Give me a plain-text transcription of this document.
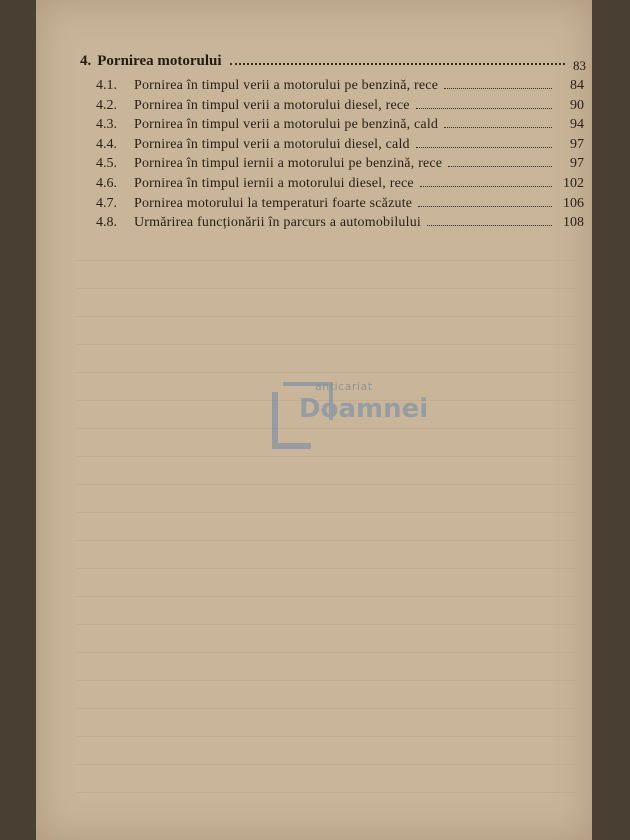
4. Pornirea motorului	83
4.1.	Pornirea în timpul verii a motorului pe benzină, rece	84
4.2.	Pornirea în timpul verii a motorului diesel, rece	90
4.3.	Pornirea în timpul verii a motorului pe benzină, cald	94
4.4.	Pornirea în timpul verii a motorului diesel, cald	97
4.5.	Pornirea în timpul iernii a motorului pe benzină, rece	97
4.6.	Pornirea în timpul iernii a motorului diesel, rece	102
4.7.	Pornirea motorului la temperaturi foarte scăzute	106
4.8.	Urmărirea funcționării în parcurs a automobilului	108
anticariat
Doamnei
